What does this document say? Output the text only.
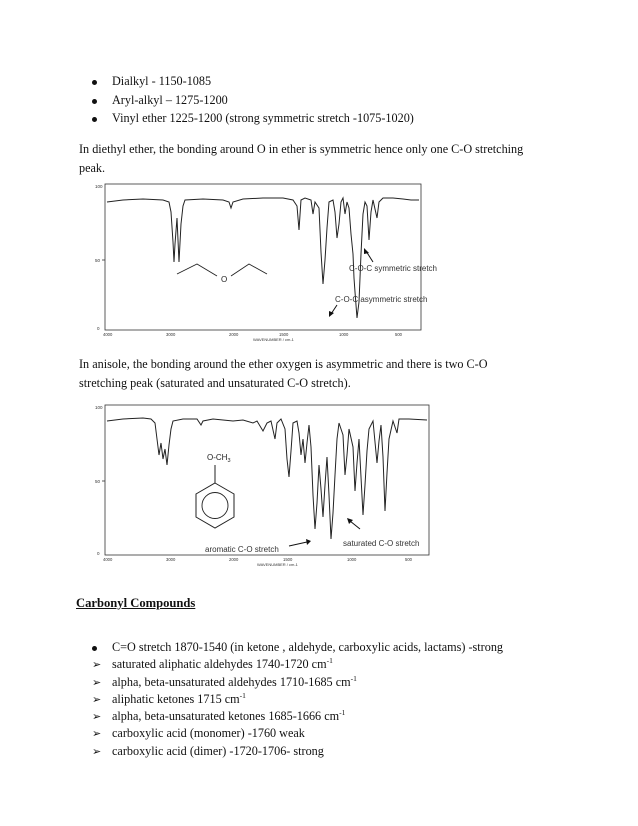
Dialkyl - 1150-1085
Aryl-alkyl – 1275-1200
Vinyl ether 1225-1200 (strong symmetric stretch -1075-1020)
In diethyl ether, the bonding around O in ether is symmetric hence only one C-O stretching
peak.
100
50
0
4000	3000	2000	1500	1000	500
WAVENUMBER / cm-1
O
C-O-C symmetric stretch
C-O-C asymmetric stretch
In anisole, the bonding around the ether oxygen is asymmetric and there is two C-O
stretching peak (saturated and unsaturated C-O stretch).
100
50
0
4000	3000	2000	1500	1000	500
WAVENUMBER / cm-1
$O-CH_3$
aromatic C-O stretch
saturated C-O stretch
Carbonyl Compounds
C=O stretch 1870-1540 (in ketone , aldehyde, carboxylic acids, lactams) -strong
➢ saturated aliphatic aldehydes 1740-1720 $cm^{-1}$
➢ alpha, beta-unsaturated aldehydes 1710-1685 $cm^{-1}$
➢ aliphatic ketones 1715 $cm^{-1}$
➢ alpha, beta-unsaturated ketones 1685-1666 $cm^{-1}$
➢ carboxylic acid (monomer) -1760 weak
➢ carboxylic acid (dimer) -1720-1706- strong
